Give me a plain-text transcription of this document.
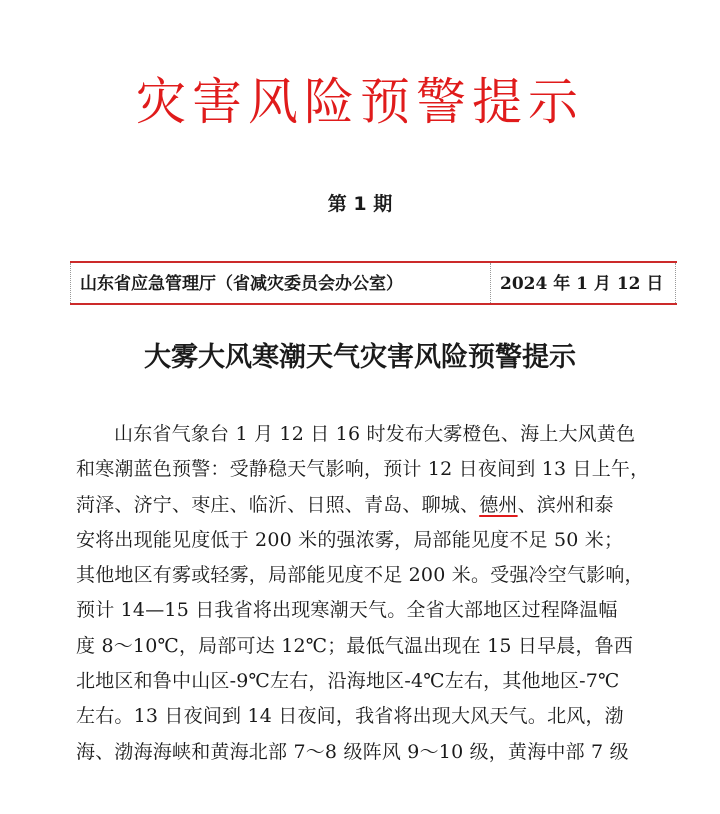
灾害风险预警提示
第 1 期
山东省应急管理厅（省减灾委员会办公室）	2024 年 1 月 12 日
大雾大风寒潮天气灾害风险预警提示
山东省气象台 1 月 12 日 16 时发布大雾橙色、海上大风黄色
和寒潮蓝色预警：受静稳天气影响，预计 12 日夜间到 13 日上午，
菏泽、济宁、枣庄、临沂、日照、青岛、聊城、德州、滨州和泰
安将出现能见度低于 200 米的强浓雾，局部能见度不足 50 米；
其他地区有雾或轻雾，局部能见度不足 200 米。受强冷空气影响，
预计 14—15 日我省将出现寒潮天气。全省大部地区过程降温幅
度 8～10℃，局部可达 12℃；最低气温出现在 15 日早晨，鲁西
北地区和鲁中山区-9℃左右，沿海地区-4℃左右，其他地区-7℃
左右。13 日夜间到 14 日夜间，我省将出现大风天气。北风，渤
海、渤海海峡和黄海北部 7～8 级阵风 9～10 级，黄海中部 7 级
